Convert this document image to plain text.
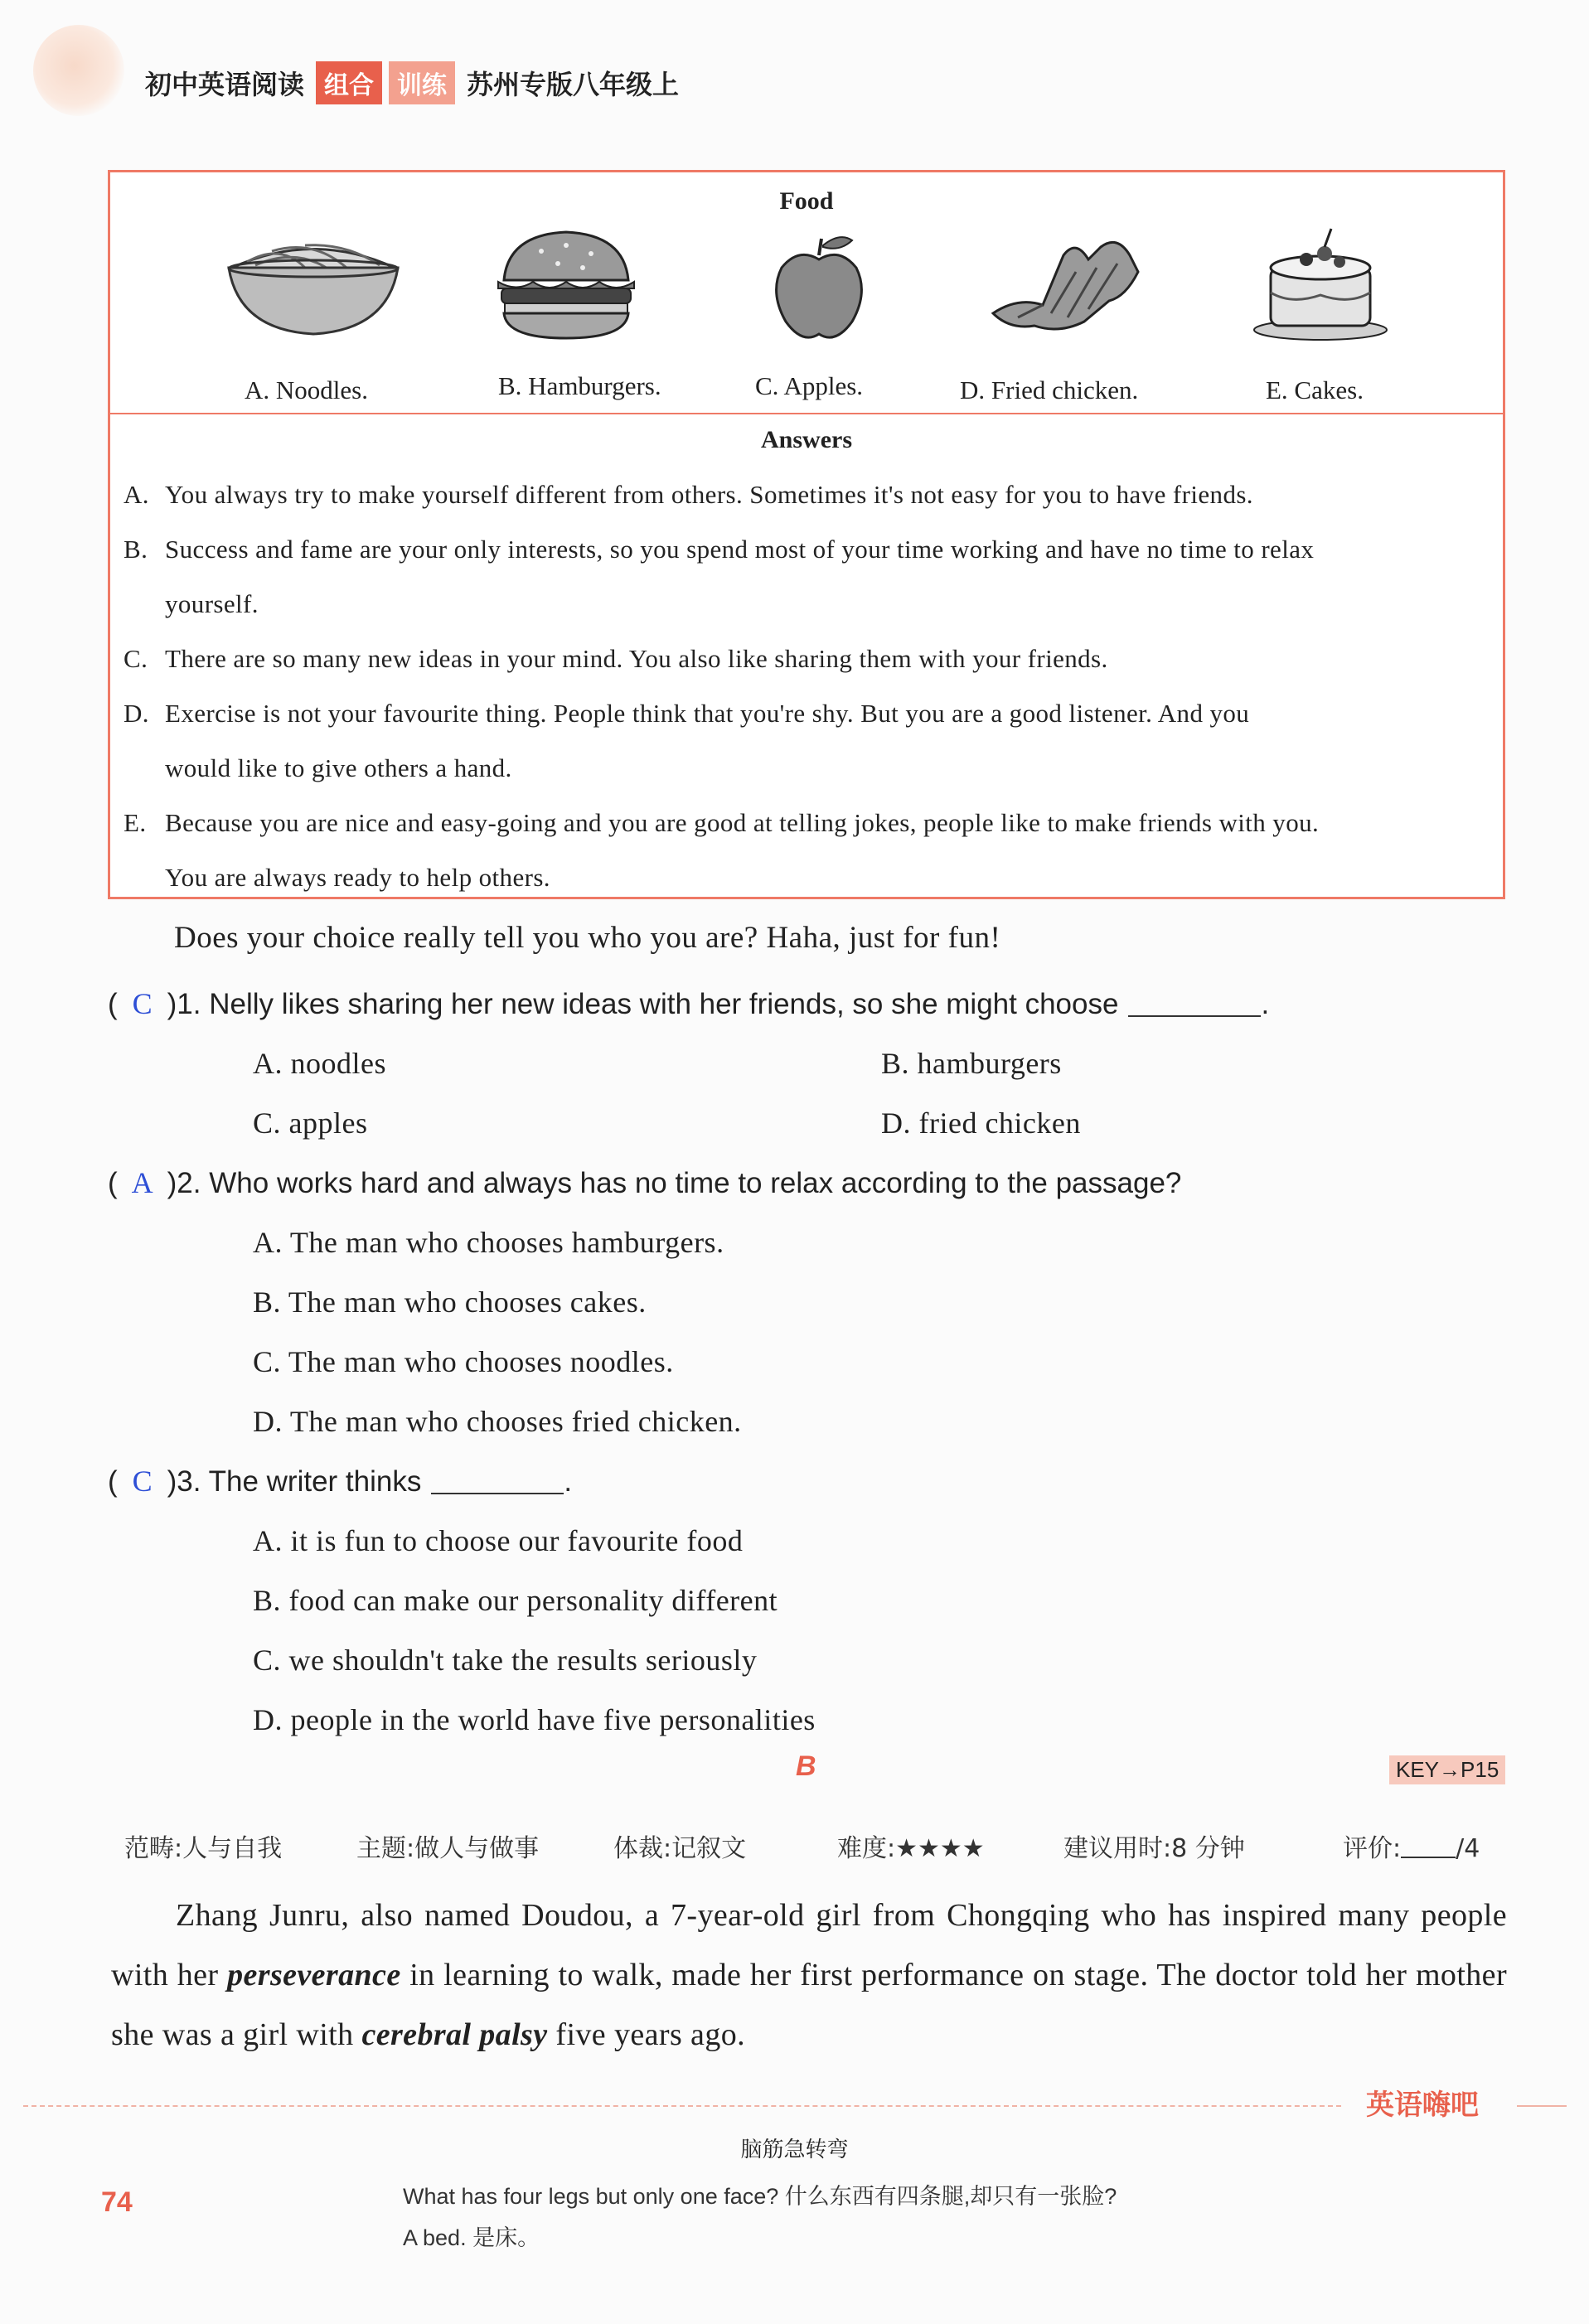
初中英语阅读 组合 训练 苏州专版八年级上
Food
A. Noodles.	B. Hamburgers.	C. Apples.	D. Fried chicken.	E. Cakes.
Answers
A. You always try to make yourself different from others. Sometimes it's not easy for you to have friends.
B. Success and fame are your only interests, so you spend most of your time working and have no time to relax
yourself.
C. There are so many new ideas in your mind. You also like sharing them with your friends.
D. Exercise is not your favourite thing. People think that you're shy. But you are a good listener. And you
would like to give others a hand.
E. Because you are nice and easy-going and you are good at telling jokes, people like to make friends with you.
You are always ready to help others.
Does your choice really tell you who you are? Haha, just for fun!
( C )1. Nelly likes sharing her new ideas with her friends, so she might choose	.
A. noodles	B. hamburgers
C. apples	D. fried chicken
( A )2. Who works hard and always has no time to relax according to the passage?
A. The man who chooses hamburgers.
B. The man who chooses cakes.
C. The man who chooses noodles.
D. The man who chooses fried chicken.
( C )3. The writer thinks	.
A. it is fun to choose our favourite food
B. food can make our personality different
C. we shouldn't take the results seriously
D. people in the world have five personalities
B	KEY→P15
范畴:人与自我	主题:做人与做事	体裁:记叙文	难度:★★★★	建议用时:8 分钟	评价: /4
Zhang Junru, also named Doudou, a 7-year-old girl from Chongqing who has inspired many people with her perseverance in learning to walk, made her first performance on stage. The doctor told her mother she was a girl with cerebral palsy five years ago.
英语嗨吧
74
脑筋急转弯
What has four legs but only one face? 什么东西有四条腿,却只有一张脸?
A bed. 是床。
